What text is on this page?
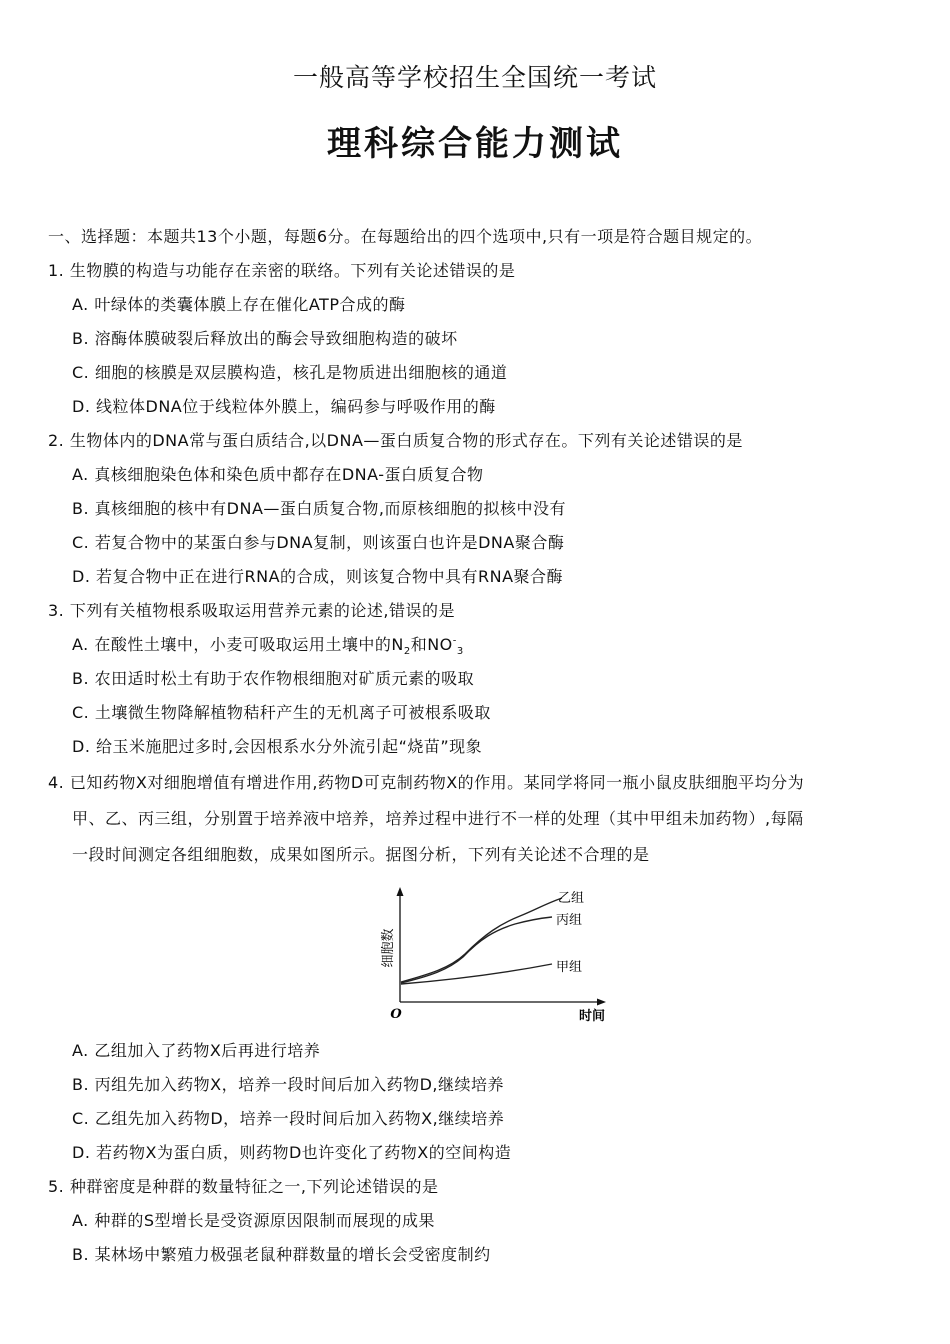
一般高等学校招生全国统一考试
理科综合能力测试
一、选择题：本题共13个小题，每题6分。在每题给出的四个选项中,只有一项是符合题目规定的。
1. 生物膜的构造与功能存在亲密的联络。下列有关论述错误的是
A. 叶绿体的类囊体膜上存在催化ATP合成的酶
B. 溶酶体膜破裂后释放出的酶会导致细胞构造的破坏
C. 细胞的核膜是双层膜构造，核孔是物质进出细胞核的通道
D. 线粒体DNA位于线粒体外膜上，编码参与呼吸作用的酶
2. 生物体内的DNA常与蛋白质结合,以DNA—蛋白质复合物的形式存在。下列有关论述错误的是
A. 真核细胞染色体和染色质中都存在DNA-蛋白质复合物
B. 真核细胞的核中有DNA—蛋白质复合物,而原核细胞的拟核中没有
C. 若复合物中的某蛋白参与DNA复制，则该蛋白也许是DNA聚合酶
D. 若复合物中正在进行RNA的合成，则该复合物中具有RNA聚合酶
3. 下列有关植物根系吸取运用营养元素的论述,错误的是
A. 在酸性土壤中，小麦可吸取运用土壤中的$N_2$和$NO^-_3$
B. 农田适时松土有助于农作物根细胞对矿质元素的吸取
C. 土壤微生物降解植物秸秆产生的无机离子可被根系吸取
D. 给玉米施肥过多时,会因根系水分外流引起“烧苗”现象
4. 已知药物X对细胞增值有增进作用,药物D可克制药物X的作用。某同学将同一瓶小鼠皮肤细胞平均分为
甲、乙、丙三组，分别置于培养液中培养，培养过程中进行不一样的处理（其中甲组未加药物）,每隔
一段时间测定各组细胞数，成果如图所示。据图分析，下列有关论述不合理的是
细胞数
O	时间
乙组
丙组
甲组
A. 乙组加入了药物X后再进行培养
B. 丙组先加入药物X，培养一段时间后加入药物D,继续培养
C. 乙组先加入药物D，培养一段时间后加入药物X,继续培养
D. 若药物X为蛋白质，则药物D也许变化了药物X的空间构造
5. 种群密度是种群的数量特征之一,下列论述错误的是
A. 种群的S型增长是受资源原因限制而展现的成果
B. 某林场中繁殖力极强老鼠种群数量的增长会受密度制约
